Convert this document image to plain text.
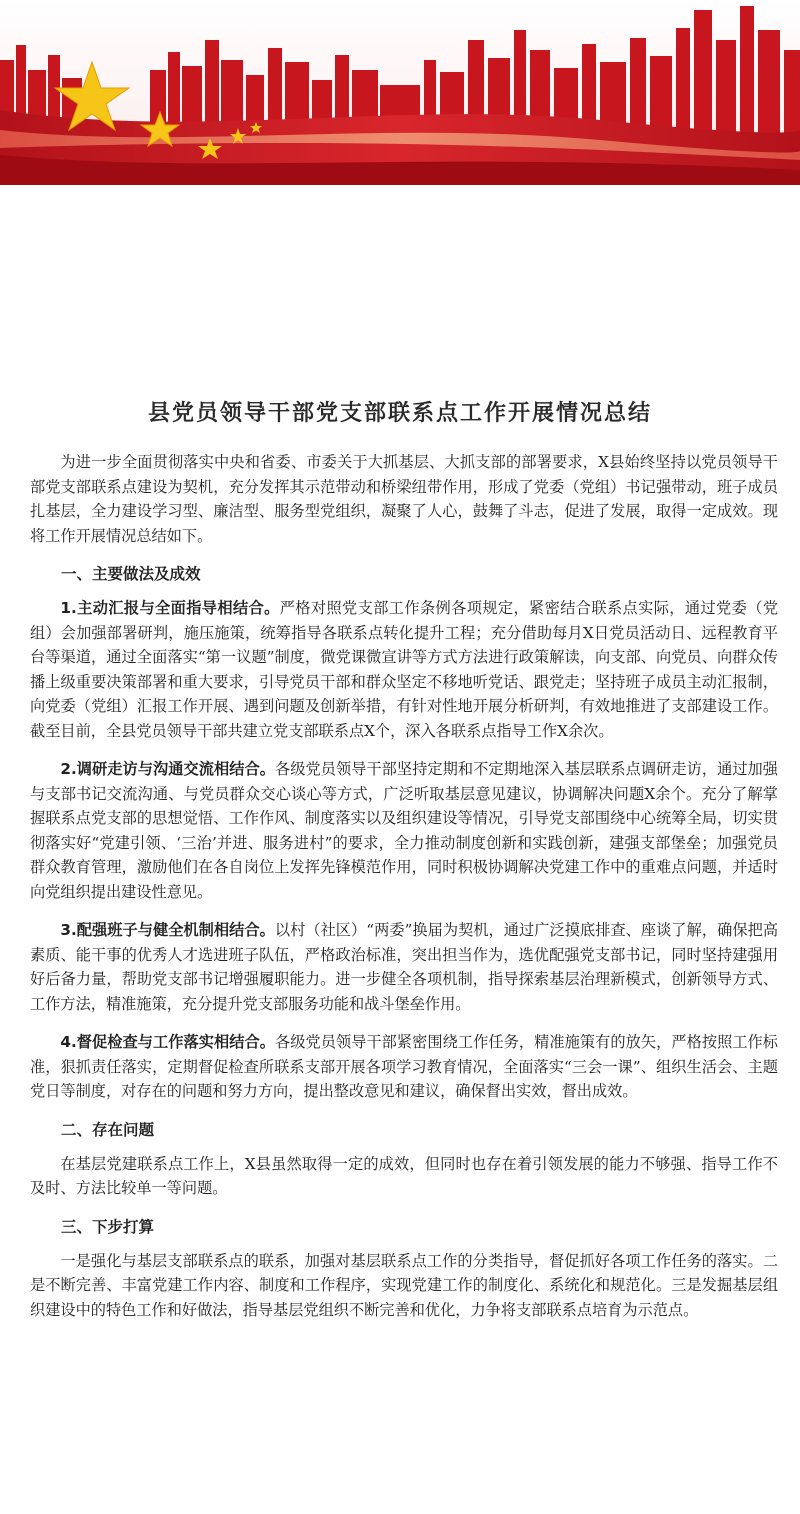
县党员领导干部党支部联系点工作开展情况总结

为进一步全面贯彻落实中央和省委、市委关于大抓基层、大抓支部的部署要求，X县始终坚持以党员领导干部党支部联系点建设为契机，充分发挥其示范带动和桥梁纽带作用，形成了党委（党组）书记强带动，班子成员扎基层，全力建设学习型、廉洁型、服务型党组织，凝聚了人心，鼓舞了斗志，促进了发展，取得一定成效。现将工作开展情况总结如下。

一、主要做法及成效

1.主动汇报与全面指导相结合。严格对照党支部工作条例各项规定，紧密结合联系点实际，通过党委（党组）会加强部署研判，施压施策，统筹指导各联系点转化提升工程；充分借助每月X日党员活动日、远程教育平台等渠道，通过全面落实“第一议题”制度，微党课微宣讲等方式方法进行政策解读，向支部、向党员、向群众传播上级重要决策部署和重大要求，引导党员干部和群众坚定不移地听党话、跟党走；坚持班子成员主动汇报制，向党委（党组）汇报工作开展、遇到问题及创新举措，有针对性地开展分析研判，有效地推进了支部建设工作。截至目前，全县党员领导干部共建立党支部联系点X个，深入各联系点指导工作X余次。

2.调研走访与沟通交流相结合。各级党员领导干部坚持定期和不定期地深入基层联系点调研走访，通过加强与支部书记交流沟通、与党员群众交心谈心等方式，广泛听取基层意见建议，协调解决问题X余个。充分了解掌握联系点党支部的思想觉悟、工作作风、制度落实以及组织建设等情况，引导党支部围绕中心统筹全局，切实贯彻落实好“党建引领、‘三治’并进、服务进村”的要求，全力推动制度创新和实践创新，建强支部堡垒；加强党员群众教育管理，激励他们在各自岗位上发挥先锋模范作用，同时积极协调解决党建工作中的重难点问题，并适时向党组织提出建设性意见。

3.配强班子与健全机制相结合。以村（社区）“两委”换届为契机，通过广泛摸底排查、座谈了解，确保把高素质、能干事的优秀人才选进班子队伍，严格政治标准，突出担当作为，选优配强党支部书记，同时坚持建强用好后备力量，帮助党支部书记增强履职能力。进一步健全各项机制，指导探索基层治理新模式，创新领导方式、工作方法，精准施策，充分提升党支部服务功能和战斗堡垒作用。

4.督促检查与工作落实相结合。各级党员领导干部紧密围绕工作任务，精准施策有的放矢，严格按照工作标准，狠抓责任落实，定期督促检查所联系支部开展各项学习教育情况，全面落实“三会一课”、组织生活会、主题党日等制度，对存在的问题和努力方向，提出整改意见和建议，确保督出实效，督出成效。

二、存在问题

在基层党建联系点工作上，X县虽然取得一定的成效，但同时也存在着引领发展的能力不够强、指导工作不及时、方法比较单一等问题。

三、下步打算

一是强化与基层支部联系点的联系，加强对基层联系点工作的分类指导，督促抓好各项工作任务的落实。二是不断完善、丰富党建工作内容、制度和工作程序，实现党建工作的制度化、系统化和规范化。三是发掘基层组织建设中的特色工作和好做法，指导基层党组织不断完善和优化，力争将支部联系点培育为示范点。
